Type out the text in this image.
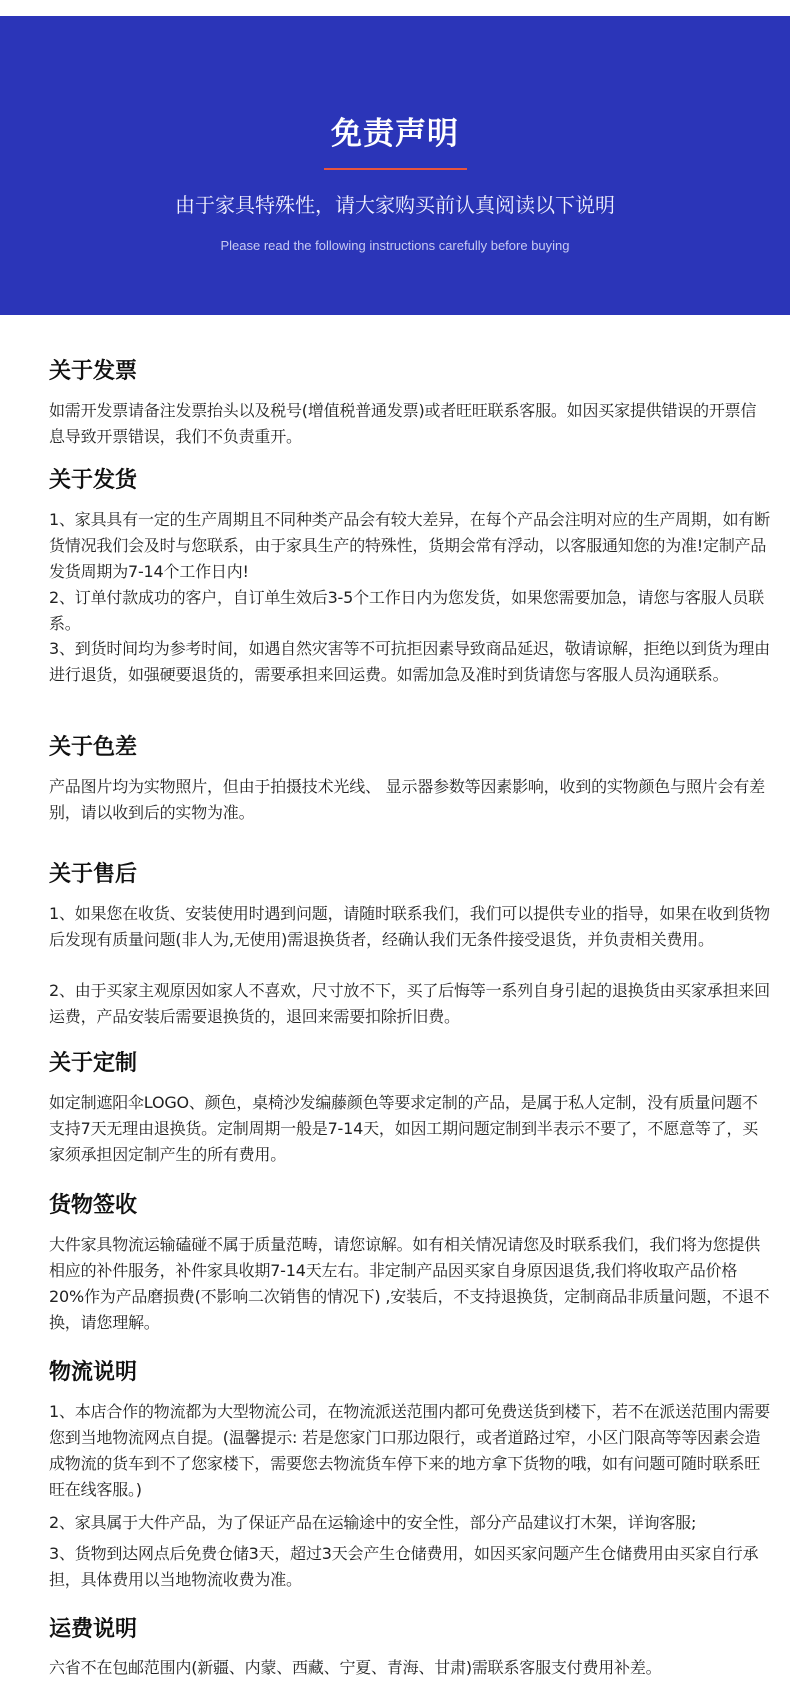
免责声明
由于家具特殊性，请大家购买前认真阅读以下说明
Please read the following instructions carefully before buying
关于发票
如需开发票请备注发票抬头以及税号(增值税普通发票)或者旺旺联系客服。如因买家提供错误的开票信息导致开票错误，我们不负责重开。
关于发货
1、家具具有一定的生产周期且不同种类产品会有较大差异，在每个产品会注明对应的生产周期，如有断货情况我们会及时与您联系，由于家具生产的特殊性，货期会常有浮动，以客服通知您的为准!定制产品发货周期为7-14个工作日内!
2、订单付款成功的客户，自订单生效后3-5个工作日内为您发货，如果您需要加急，请您与客服人员联系。
3、到货时间均为参考时间，如遇自然灾害等不可抗拒因素导致商品延迟，敬请谅解，拒绝以到货为理由进行退货，如强硬要退货的，需要承担来回运费。如需加急及准时到货请您与客服人员沟通联系。
关于色差
产品图片均为实物照片，但由于拍摄技术光线、 显示器参数等因素影响，收到的实物颜色与照片会有差别，请以收到后的实物为准。
关于售后
1、如果您在收货、安装使用时遇到问题，请随时联系我们，我们可以提供专业的指导，如果在收到货物后发现有质量问题(非人为,无使用)需退换货者，经确认我们无条件接受退货，并负责相关费用。
2、由于买家主观原因如家人不喜欢，尺寸放不下，买了后悔等一系列自身引起的退换货由买家承担来回运费，产品安装后需要退换货的，退回来需要扣除折旧费。
关于定制
如定制遮阳伞LOGO、颜色，桌椅沙发编藤颜色等要求定制的产品，是属于私人定制，没有质量问题不支持7天无理由退换货。定制周期一般是7-14天，如因工期问题定制到半表示不要了，不愿意等了，买家须承担因定制产生的所有费用。
货物签收
大件家具物流运输磕碰不属于质量范畴，请您谅解。如有相关情况请您及时联系我们，我们将为您提供相应的补件服务，补件家具收期7-14天左右。非定制产品因买家自身原因退货,我们将收取产品价格20%作为产品磨损费(不影响二次销售的情况下) ,安装后，不支持退换货，定制商品非质量问题，不退不换，请您理解。
物流说明
1、本店合作的物流都为大型物流公司，在物流派送范围内都可免费送货到楼下，若不在派送范围内需要您到当地物流网点自提。(温馨提示: 若是您家门口那边限行，或者道路过窄，小区门限高等等因素会造成物流的货车到不了您家楼下，需要您去物流货车停下来的地方拿下货物的哦，如有问题可随时联系旺旺在线客服。)
2、家具属于大件产品，为了保证产品在运输途中的安全性，部分产品建议打木架，详询客服;
3、货物到达网点后免费仓储3天，超过3天会产生仓储费用，如因买家问题产生仓储费用由买家自行承担，具体费用以当地物流收费为准。
运费说明
六省不在包邮范围内(新疆、内蒙、西藏、宁夏、青海、甘肃)需联系客服支付费用补差。
